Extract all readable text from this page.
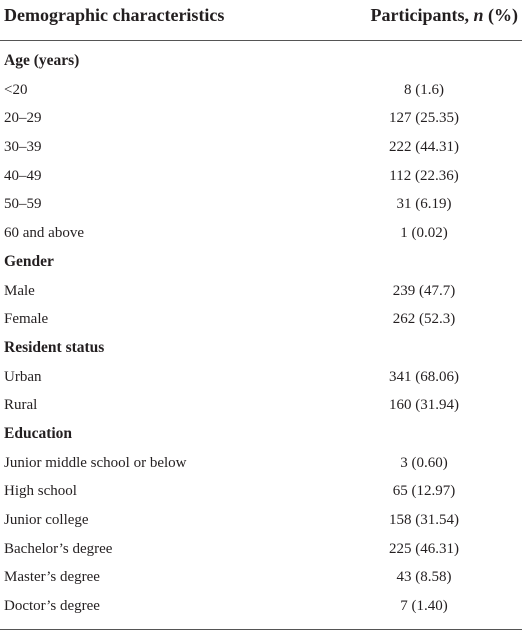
Demographic characteristics	Participants, n (%)
Age (years)
<20	8 (1.6)
20–29	127 (25.35)
30–39	222 (44.31)
40–49	112 (22.36)
50–59	31 (6.19)
60 and above	1 (0.02)
Gender
Male	239 (47.7)
Female	262 (52.3)
Resident status
Urban	341 (68.06)
Rural	160 (31.94)
Education
Junior middle school or below	3 (0.60)
High school	65 (12.97)
Junior college	158 (31.54)
Bachelor’s degree	225 (46.31)
Master’s degree	43 (8.58)
Doctor’s degree	7 (1.40)
